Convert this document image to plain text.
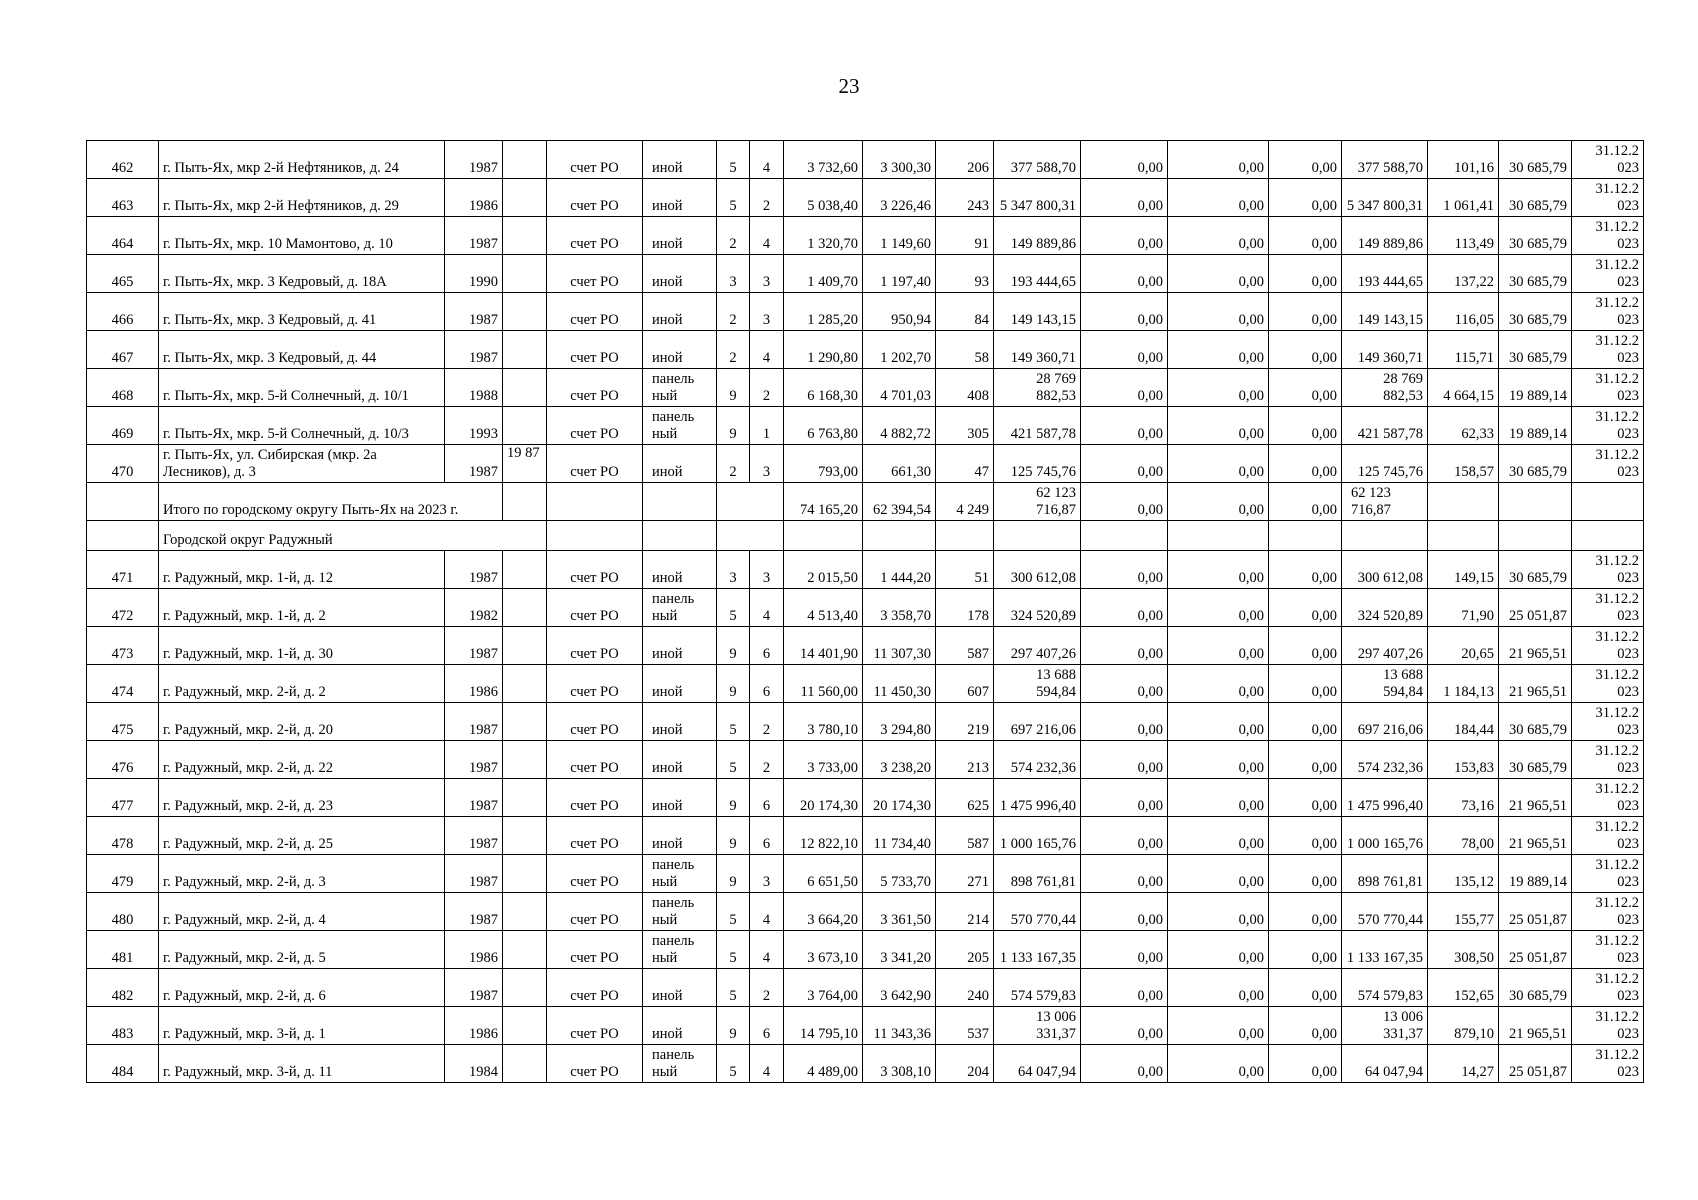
23
462	г. Пыть-Ях, мкр 2-й Нефтяников, д. 24	1987		счет РО	иной	5	4	3 732,60	3 300,30	206	377 588,70	0,00	0,00	0,00	377 588,70	101,16	30 685,79	31.12.2 023
463	г. Пыть-Ях, мкр 2-й Нефтяников, д. 29	1986		счет РО	иной	5	2	5 038,40	3 226,46	243	5 347 800,31	0,00	0,00	0,00	5 347 800,31	1 061,41	30 685,79	31.12.2 023
464	г. Пыть-Ях, мкр. 10 Мамонтово, д. 10	1987		счет РО	иной	2	4	1 320,70	1 149,60	91	149 889,86	0,00	0,00	0,00	149 889,86	113,49	30 685,79	31.12.2 023
465	г. Пыть-Ях, мкр. 3 Кедровый, д. 18А	1990		счет РО	иной	3	3	1 409,70	1 197,40	93	193 444,65	0,00	0,00	0,00	193 444,65	137,22	30 685,79	31.12.2 023
466	г. Пыть-Ях, мкр. 3 Кедровый, д. 41	1987		счет РО	иной	2	3	1 285,20	950,94	84	149 143,15	0,00	0,00	0,00	149 143,15	116,05	30 685,79	31.12.2 023
467	г. Пыть-Ях, мкр. 3 Кедровый, д. 44	1987		счет РО	иной	2	4	1 290,80	1 202,70	58	149 360,71	0,00	0,00	0,00	149 360,71	115,71	30 685,79	31.12.2 023
468	г. Пыть-Ях, мкр. 5-й Солнечный, д. 10/1	1988		счет РО	панель ный	9	2	6 168,30	4 701,03	408	28 769 882,53	0,00	0,00	0,00	28 769 882,53	4 664,15	19 889,14	31.12.2 023
469	г. Пыть-Ях, мкр. 5-й Солнечный, д. 10/3	1993		счет РО	панель ный	9	1	6 763,80	4 882,72	305	421 587,78	0,00	0,00	0,00	421 587,78	62,33	19 889,14	31.12.2 023
470	г. Пыть-Ях, ул. Сибирская (мкр. 2а Лесников), д. 3	1987	19 87	счет РО	иной	2	3	793,00	661,30	47	125 745,76	0,00	0,00	0,00	125 745,76	158,57	30 685,79	31.12.2 023
	Итого по городскому округу Пыть-Ях на 2023 г.							74 165,20	62 394,54	4 249	62 123 716,87	0,00	0,00	0,00	62 123 716,87			
	Городской округ Радужный																	
471	г. Радужный, мкр. 1-й, д. 12	1987		счет РО	иной	3	3	2 015,50	1 444,20	51	300 612,08	0,00	0,00	0,00	300 612,08	149,15	30 685,79	31.12.2 023
472	г. Радужный, мкр. 1-й, д. 2	1982		счет РО	панель ный	5	4	4 513,40	3 358,70	178	324 520,89	0,00	0,00	0,00	324 520,89	71,90	25 051,87	31.12.2 023
473	г. Радужный, мкр. 1-й, д. 30	1987		счет РО	иной	9	6	14 401,90	11 307,30	587	297 407,26	0,00	0,00	0,00	297 407,26	20,65	21 965,51	31.12.2 023
474	г. Радужный, мкр. 2-й, д. 2	1986		счет РО	иной	9	6	11 560,00	11 450,30	607	13 688 594,84	0,00	0,00	0,00	13 688 594,84	1 184,13	21 965,51	31.12.2 023
475	г. Радужный, мкр. 2-й, д. 20	1987		счет РО	иной	5	2	3 780,10	3 294,80	219	697 216,06	0,00	0,00	0,00	697 216,06	184,44	30 685,79	31.12.2 023
476	г. Радужный, мкр. 2-й, д. 22	1987		счет РО	иной	5	2	3 733,00	3 238,20	213	574 232,36	0,00	0,00	0,00	574 232,36	153,83	30 685,79	31.12.2 023
477	г. Радужный, мкр. 2-й, д. 23	1987		счет РО	иной	9	6	20 174,30	20 174,30	625	1 475 996,40	0,00	0,00	0,00	1 475 996,40	73,16	21 965,51	31.12.2 023
478	г. Радужный, мкр. 2-й, д. 25	1987		счет РО	иной	9	6	12 822,10	11 734,40	587	1 000 165,76	0,00	0,00	0,00	1 000 165,76	78,00	21 965,51	31.12.2 023
479	г. Радужный, мкр. 2-й, д. 3	1987		счет РО	панель ный	9	3	6 651,50	5 733,70	271	898 761,81	0,00	0,00	0,00	898 761,81	135,12	19 889,14	31.12.2 023
480	г. Радужный, мкр. 2-й, д. 4	1987		счет РО	панель ный	5	4	3 664,20	3 361,50	214	570 770,44	0,00	0,00	0,00	570 770,44	155,77	25 051,87	31.12.2 023
481	г. Радужный, мкр. 2-й, д. 5	1986		счет РО	панель ный	5	4	3 673,10	3 341,20	205	1 133 167,35	0,00	0,00	0,00	1 133 167,35	308,50	25 051,87	31.12.2 023
482	г. Радужный, мкр. 2-й, д. 6	1987		счет РО	иной	5	2	3 764,00	3 642,90	240	574 579,83	0,00	0,00	0,00	574 579,83	152,65	30 685,79	31.12.2 023
483	г. Радужный, мкр. 3-й, д. 1	1986		счет РО	иной	9	6	14 795,10	11 343,36	537	13 006 331,37	0,00	0,00	0,00	13 006 331,37	879,10	21 965,51	31.12.2 023
484	г. Радужный, мкр. 3-й, д. 11	1984		счет РО	панель ный	5	4	4 489,00	3 308,10	204	64 047,94	0,00	0,00	0,00	64 047,94	14,27	25 051,87	31.12.2 023
